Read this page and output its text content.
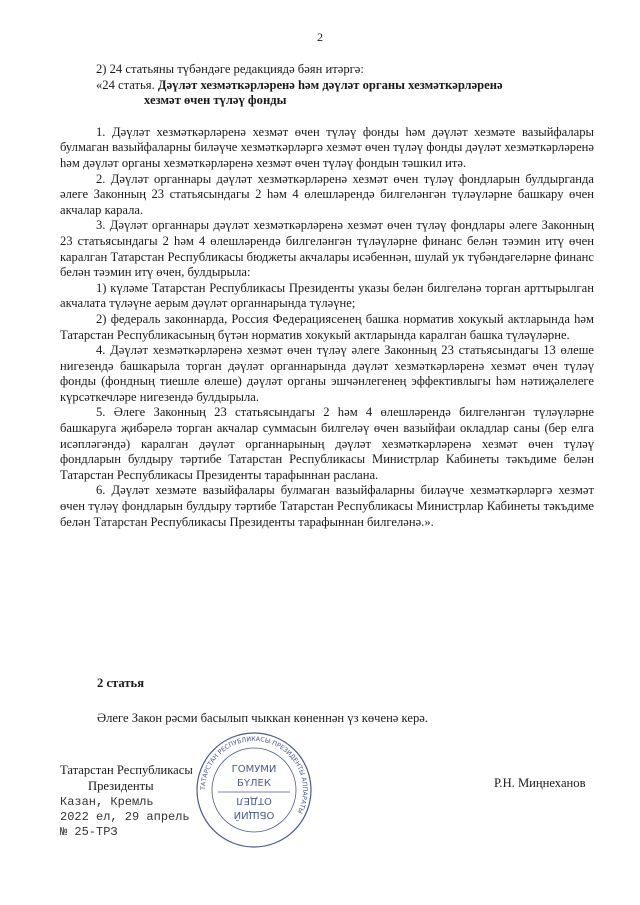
2

2) 24 статьяны түбәндәге редакциядә бәян итәргә:

«24 статья. Дәүләт хезмәткәрләренә һәм дәүләт органы хезмәткәрләренә
хезмәт өчен түләү фонды

1. Дәүләт хезмәткәрләренә хезмәт өчен түләү фонды һәм дәүләт хезмәте вазыйфалары булмаган вазыйфаларны биләүче хезмәткәрләргә хезмәт өчен түләү фонды дәүләт хезмәткәрләренә һәм дәүләт органы хезмәткәрләренә хезмәт өчен түләү фондын тәшкил итә.

2. Дәүләт органнары дәүләт хезмәткәрләренә хезмәт өчен түләү фондларын булдырганда әлеге Законның 23 статьясындагы 2 һәм 4 өлешләрендә билгеләнгән түләүләрне башкару өчен акчалар карала.

3. Дәүләт органнары дәүләт хезмәткәрләренә хезмәт өчен түләү фондлары әлеге Законның 23 статьясындагы 2 һәм 4 өлешләрендә билгеләнгән түләүләрне финанс белән тәэмин итү өчен каралган Татарстан Республикасы бюджеты акчалары исәбеннән, шулай ук түбәндәгеләрне финанс белән тәэмин итү өчен, булдырыла:

1) күләме Татарстан Республикасы Президенты указы белән билгеләнә торган арттырылган акчалата түләүне аерым дәүләт органнарында түләүне;

2) федераль законнарда, Россия Федерациясенең башка норматив хокукый актларында һәм Татарстан Республикасының бүтән норматив хокукый актларында каралган башка түләүләрне.

4. Дәүләт хезмәткәрләренә хезмәт өчен түләү әлеге Законның 23 статьясындагы 13 өлеше нигезендә башкарыла торган дәүләт органнарында дәүләт хезмәткәрләренә хезмәт өчен түләү фонды (фондның тиешле өлеше) дәүләт органы эшчәнлегенең эффективлыгы һәм нәтиҗәлелеге күрсәткечләре нигезендә булдырыла.

5. Әлеге Законның 23 статьясындагы 2 һәм 4 өлешләрендә билгеләнгән түләүләрне башкаруга җибәрелә торган акчалар суммасын билгеләү өчен вазыйфаи окладлар саны (бер елга исәпләгәндә) каралган дәүләт органнарының дәүләт хезмәткәрләренә хезмәт өчен түләү фондларын булдыру тәртибе Татарстан Республикасы Министрлар Кабинеты тәкъдиме белән Татарстан Республикасы Президенты тарафыннан раслана.

6. Дәүләт хезмәте вазыйфалары булмаган вазыйфаларны биләүче хезмәткәрләргә хезмәт өчен түләү фондларын булдыру тәртибе Татарстан Республикасы Министрлар Кабинеты тәкъдиме белән Татарстан Республикасы Президенты тарафыннан билгеләнә.».

2 статья
Әлеге Закон рәсми басылып чыккан көненнән үз көченә керә.
ТАТАРСТАН РЕСПУБЛИКАСЫ ПРЕЗИДЕНТЫ АППАРАТЫ
ГОМУМИ
БҮЛЕК
ОБЩИЙ
ОТДЕЛ
Татарстан Республикасы
Президенты	Р.Н. Миңнеханов
Казан, Кремль
2022 ел, 29 апрель
№ 25-ТРЗ
